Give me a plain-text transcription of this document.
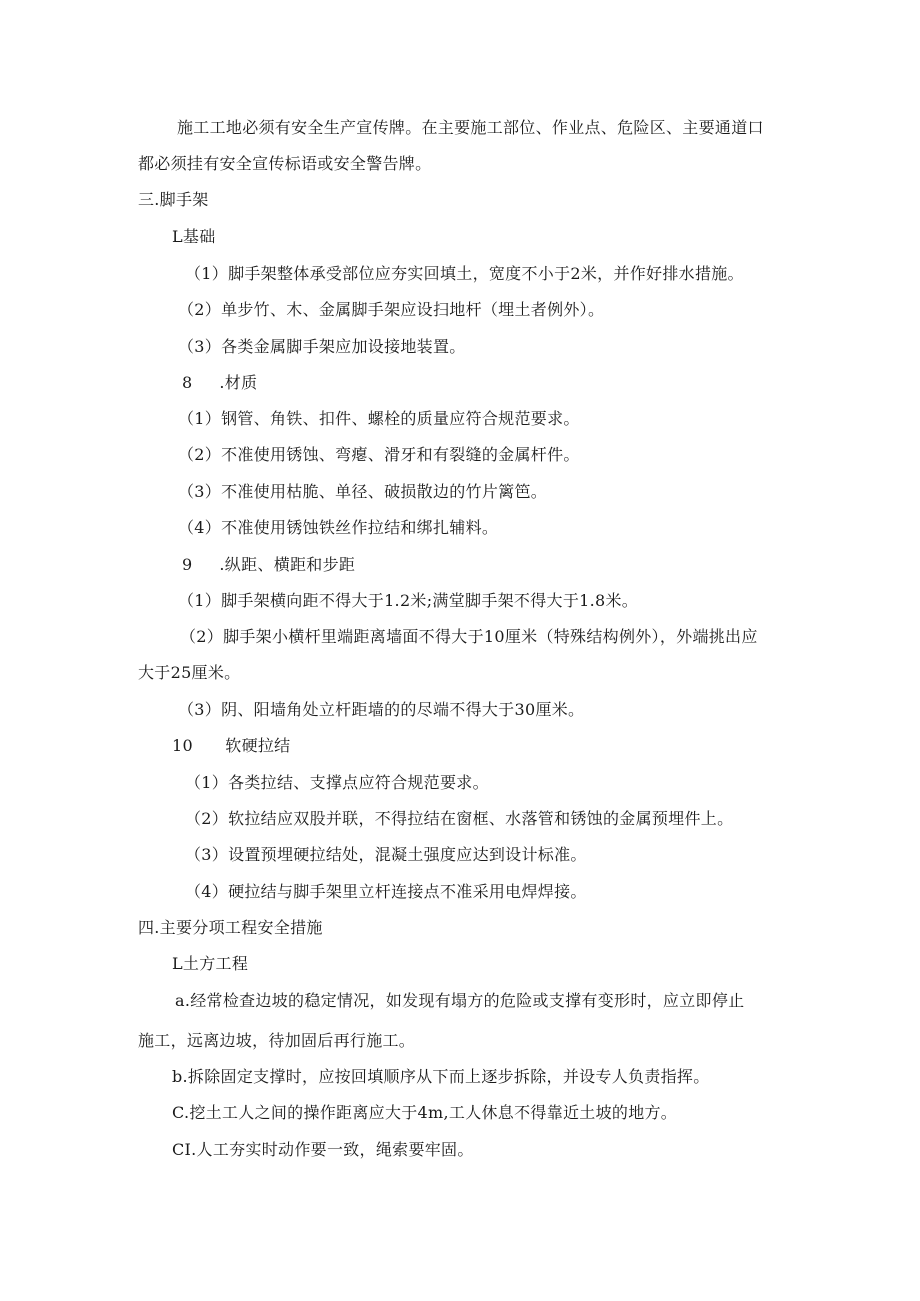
施工工地必须有安全生产宣传牌。在主要施工部位、作业点、危险区、主要通道口
都必须挂有安全宣传标语或安全警告牌。
三.脚手架
L基础
（1）脚手架整体承受部位应夯实回填土，宽度不小于2米，并作好排水措施。
（2）单步竹、木、金属脚手架应设扫地杆（埋土者例外）。
（3）各类金属脚手架应加设接地装置。
8     .材质
（1）钢管、角铁、扣件、螺栓的质量应符合规范要求。
（2）不准使用锈蚀、弯瘪、滑牙和有裂缝的金属杆件。
（3）不准使用枯脆、单径、破损散边的竹片篱笆。
（4）不准使用锈蚀铁丝作拉结和绑扎辅料。
9     .纵距、横距和步距
（1）脚手架横向距不得大于1.2米;满堂脚手架不得大于1.8米。
（2）脚手架小横杆里端距离墙面不得大于10厘米（特殊结构例外），外端挑出应
大于25厘米。
（3）阴、阳墙角处立杆距墙的的尽端不得大于30厘米。
10      软硬拉结
（1）各类拉结、支撑点应符合规范要求。
（2）软拉结应双股并联，不得拉结在窗框、水落管和锈蚀的金属预埋件上。
（3）设置预埋硬拉结处，混凝土强度应达到设计标准。
（4）硬拉结与脚手架里立杆连接点不准采用电焊焊接。
四.主要分项工程安全措施
L土方工程
a.经常检查边坡的稳定情况，如发现有塌方的危险或支撑有变形时，应立即停止
施工，远离边坡，待加固后再行施工。
b.拆除固定支撑时，应按回填顺序从下而上逐步拆除，并设专人负责指挥。
C.挖土工人之间的操作距离应大于4m,工人休息不得靠近土坡的地方。
CI.人工夯实时动作要一致，绳索要牢固。
